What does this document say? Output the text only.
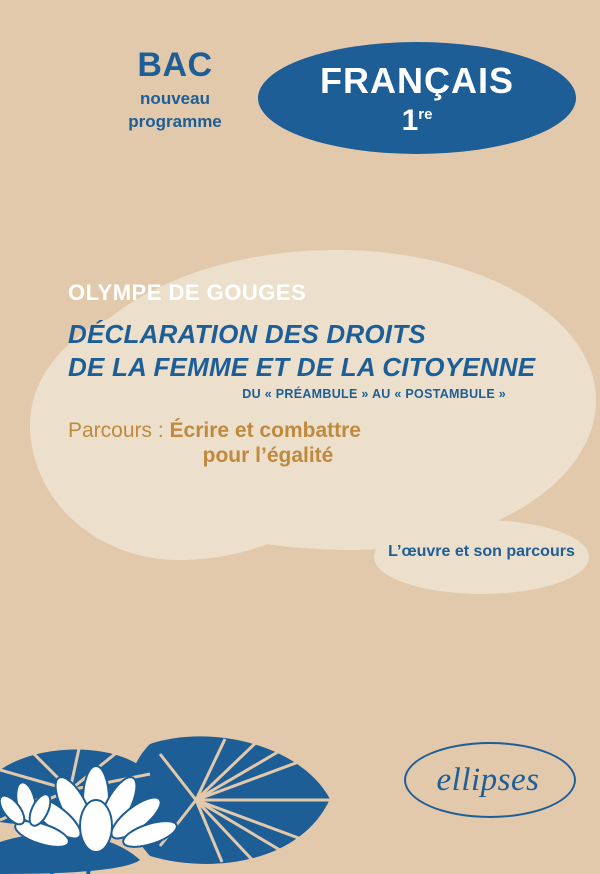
BAC
nouveau
programme
FRANÇAIS
1re
OLYMPE DE GOUGES
DÉCLARATION DES DROITS
DE LA FEMME ET DE LA CITOYENNE
DU « PRÉAMBULE » AU « POSTAMBULE »
Parcours : Écrire et combattre
pour l’égalité
L’œuvre et son parcours
ellipses
